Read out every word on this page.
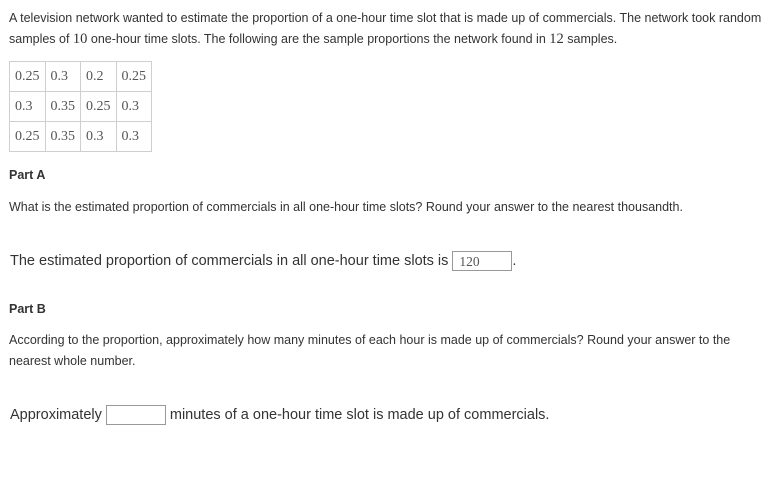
A television network wanted to estimate the proportion of a one-hour time slot that is made up of commercials. The network took random samples of 10 one-hour time slots. The following are the sample proportions the network found in 12 samples.

0.25	0.3	0.2	0.25
0.3	0.35	0.25	0.3
0.25	0.35	0.3	0.3

Part A

What is the estimated proportion of commercials in all one-hour time slots? Round your answer to the nearest thousandth.

The estimated proportion of commercials in all one-hour time slots is
120	.

Part B

According to the proportion, approximately how many minutes of each hour is made up of commercials? Round your answer to the nearest whole number.

Approximately	minutes of a one-hour time slot is made up of commercials.
